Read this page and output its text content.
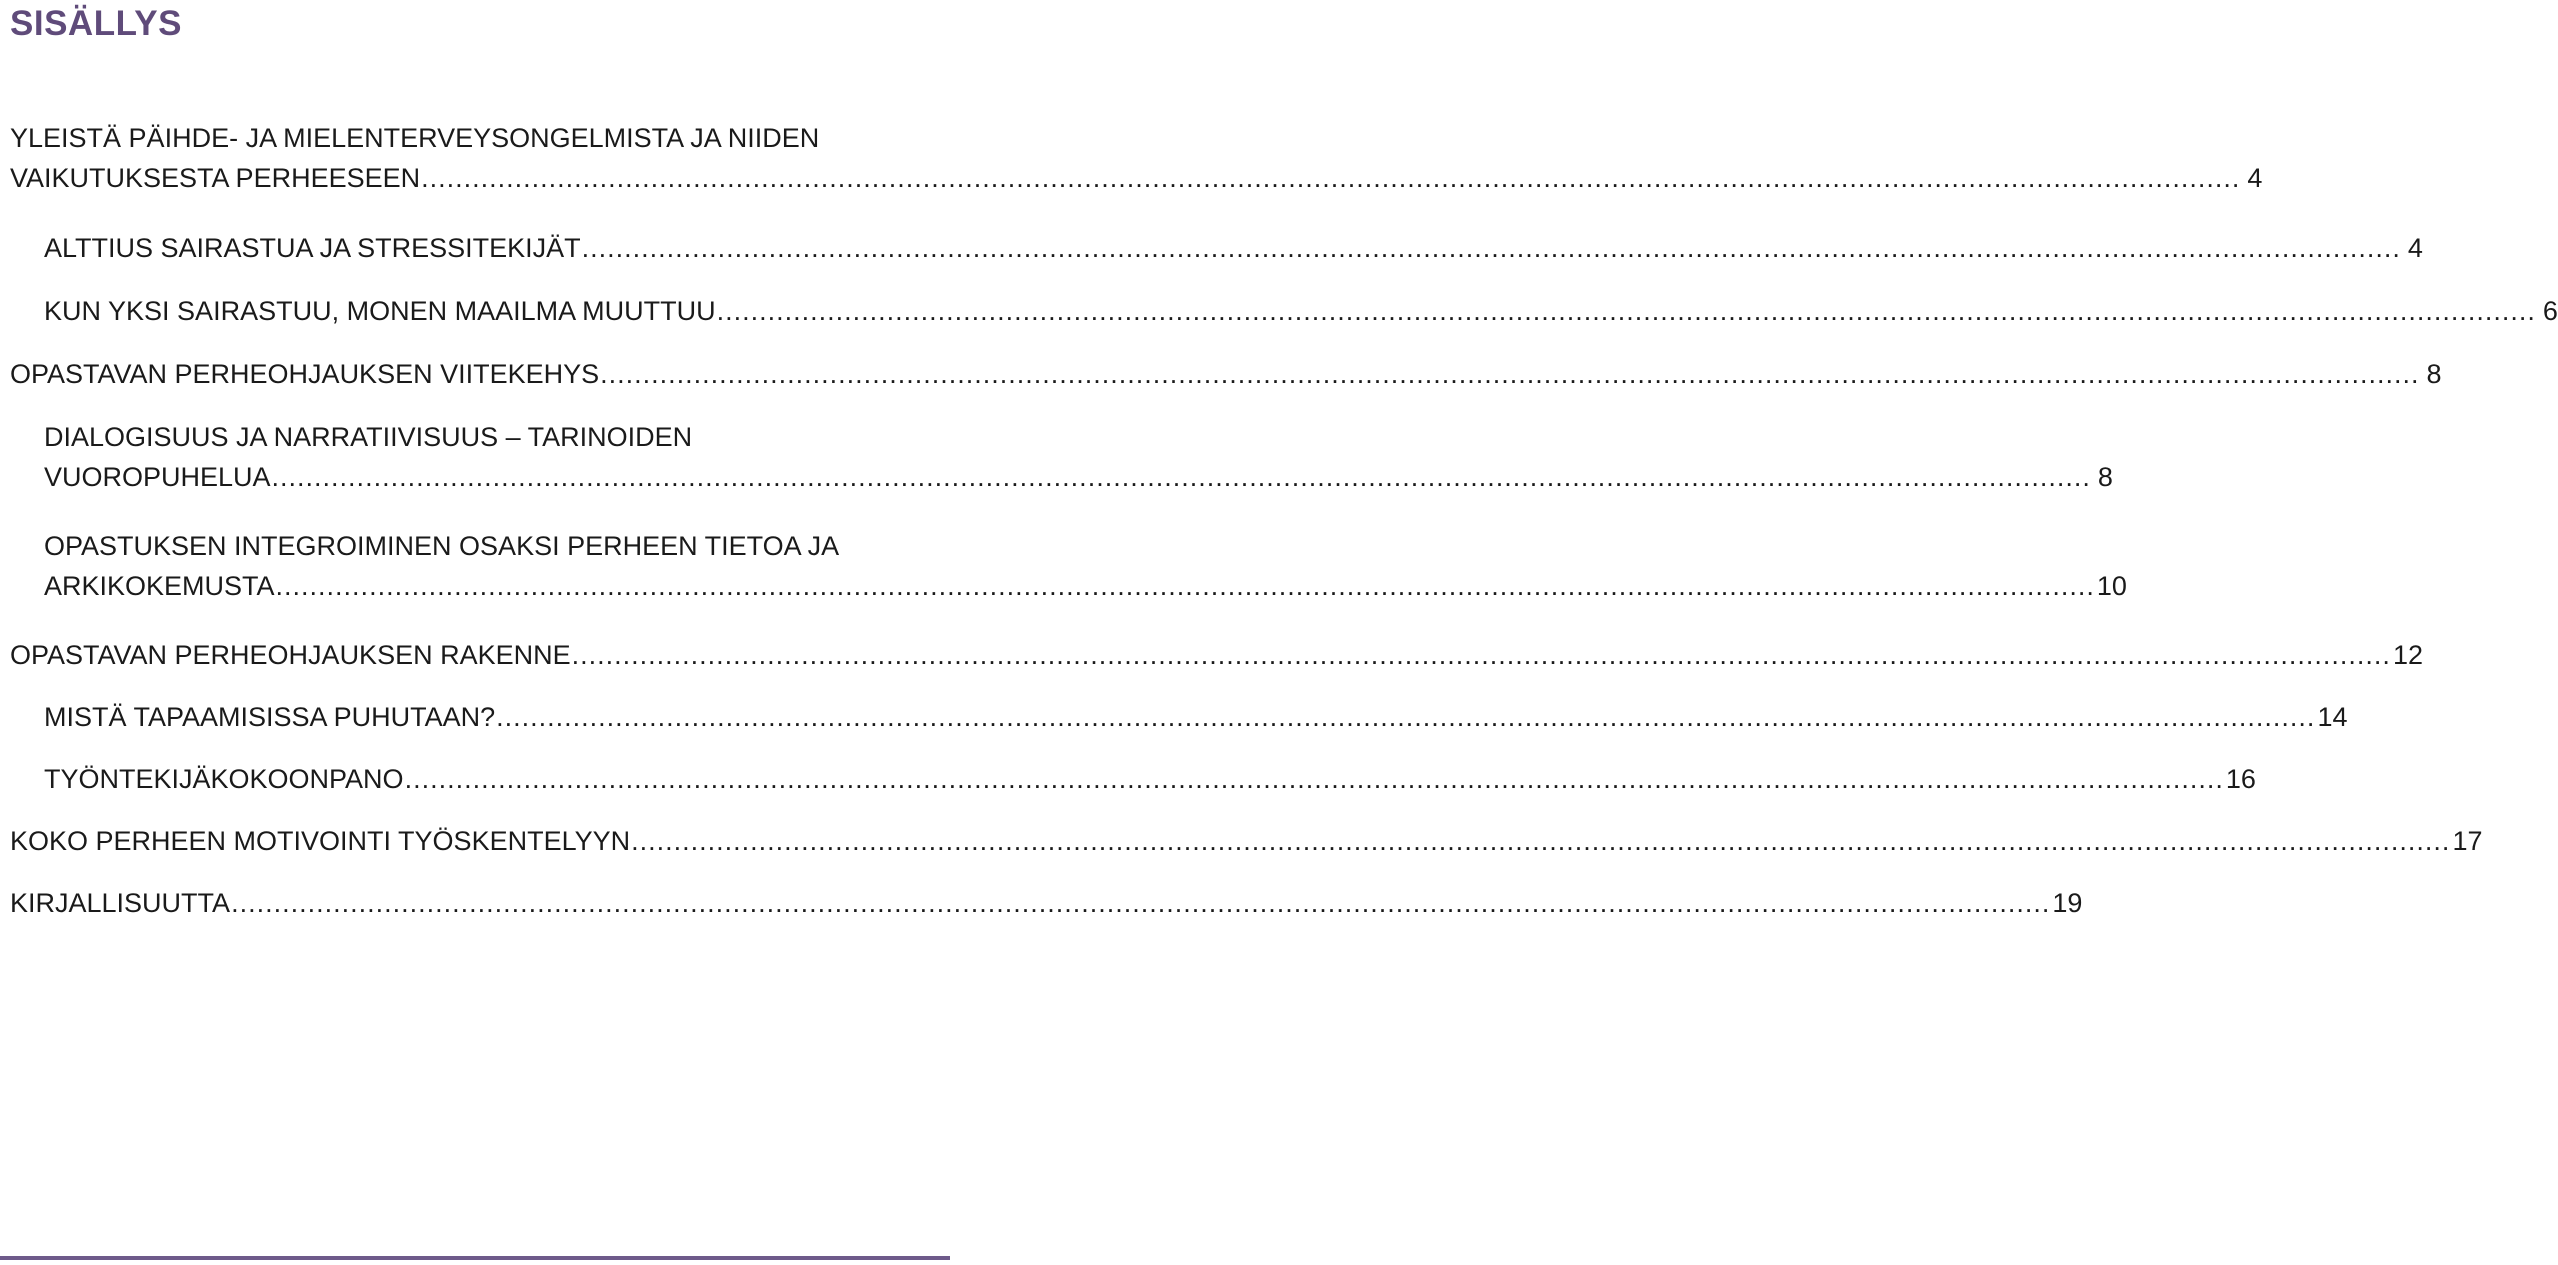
SISÄLLYS
YLEISTÄ PÄIHDE- JA MIELENTERVEYSONGELMISTA JA NIIDEN
VAIKUTUKSESTA PERHEESEEN ...................................................................................................................................................................................................................... 4
ALTTIUS SAIRASTUA JA STRESSITEKIJÄT ...................................................................................................................................................................................................................... 4
KUN YKSI SAIRASTUU, MONEN MAAILMA MUUTTUU ...................................................................................................................................................................................................................... 6
OPASTAVAN PERHEOHJAUKSEN VIITEKEHYS ...................................................................................................................................................................................................................... 8
DIALOGISUUS JA NARRATIIVISUUS – TARINOIDEN
VUOROPUHELUA ...................................................................................................................................................................................................................... 8
OPASTUKSEN INTEGROIMINEN OSAKSI PERHEEN TIETOA JA
ARKIKOKEMUSTA ...................................................................................................................................................................................................................... 10
OPASTAVAN PERHEOHJAUKSEN RAKENNE ...................................................................................................................................................................................................................... 12
MISTÄ TAPAAMISISSA PUHUTAAN? ...................................................................................................................................................................................................................... 14
TYÖNTEKIJÄKOKOONPANO ...................................................................................................................................................................................................................... 16
KOKO PERHEEN MOTIVOINTI TYÖSKENTELYYN ...................................................................................................................................................................................................................... 17
KIRJALLISUUTTA ...................................................................................................................................................................................................................... 19
